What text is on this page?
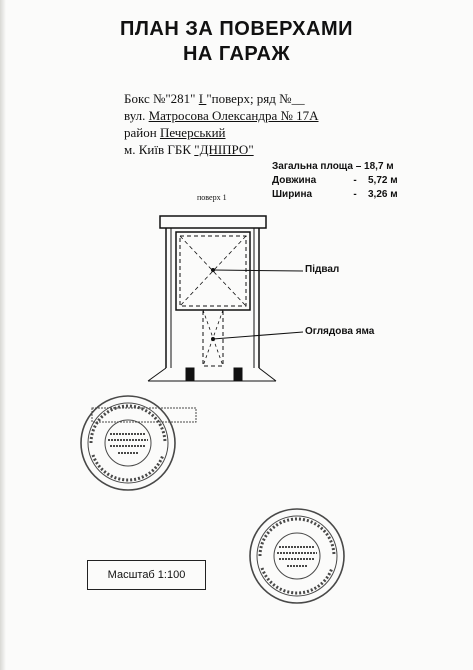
ПЛАН ЗА ПОВЕРХАМИ
НА ГАРАЖ
Бокс №"281" I "поверх; ряд №__
вул. Матросова Олександра № 17А
район Печерський
м. Київ ГБК "ДНІПРО"
Загальна площа – 18,7 м
Довжина	-	5,72 м
Ширина	-	3,26 м
поверх 1
Підвал
Оглядова яма
Масштаб 1:100
